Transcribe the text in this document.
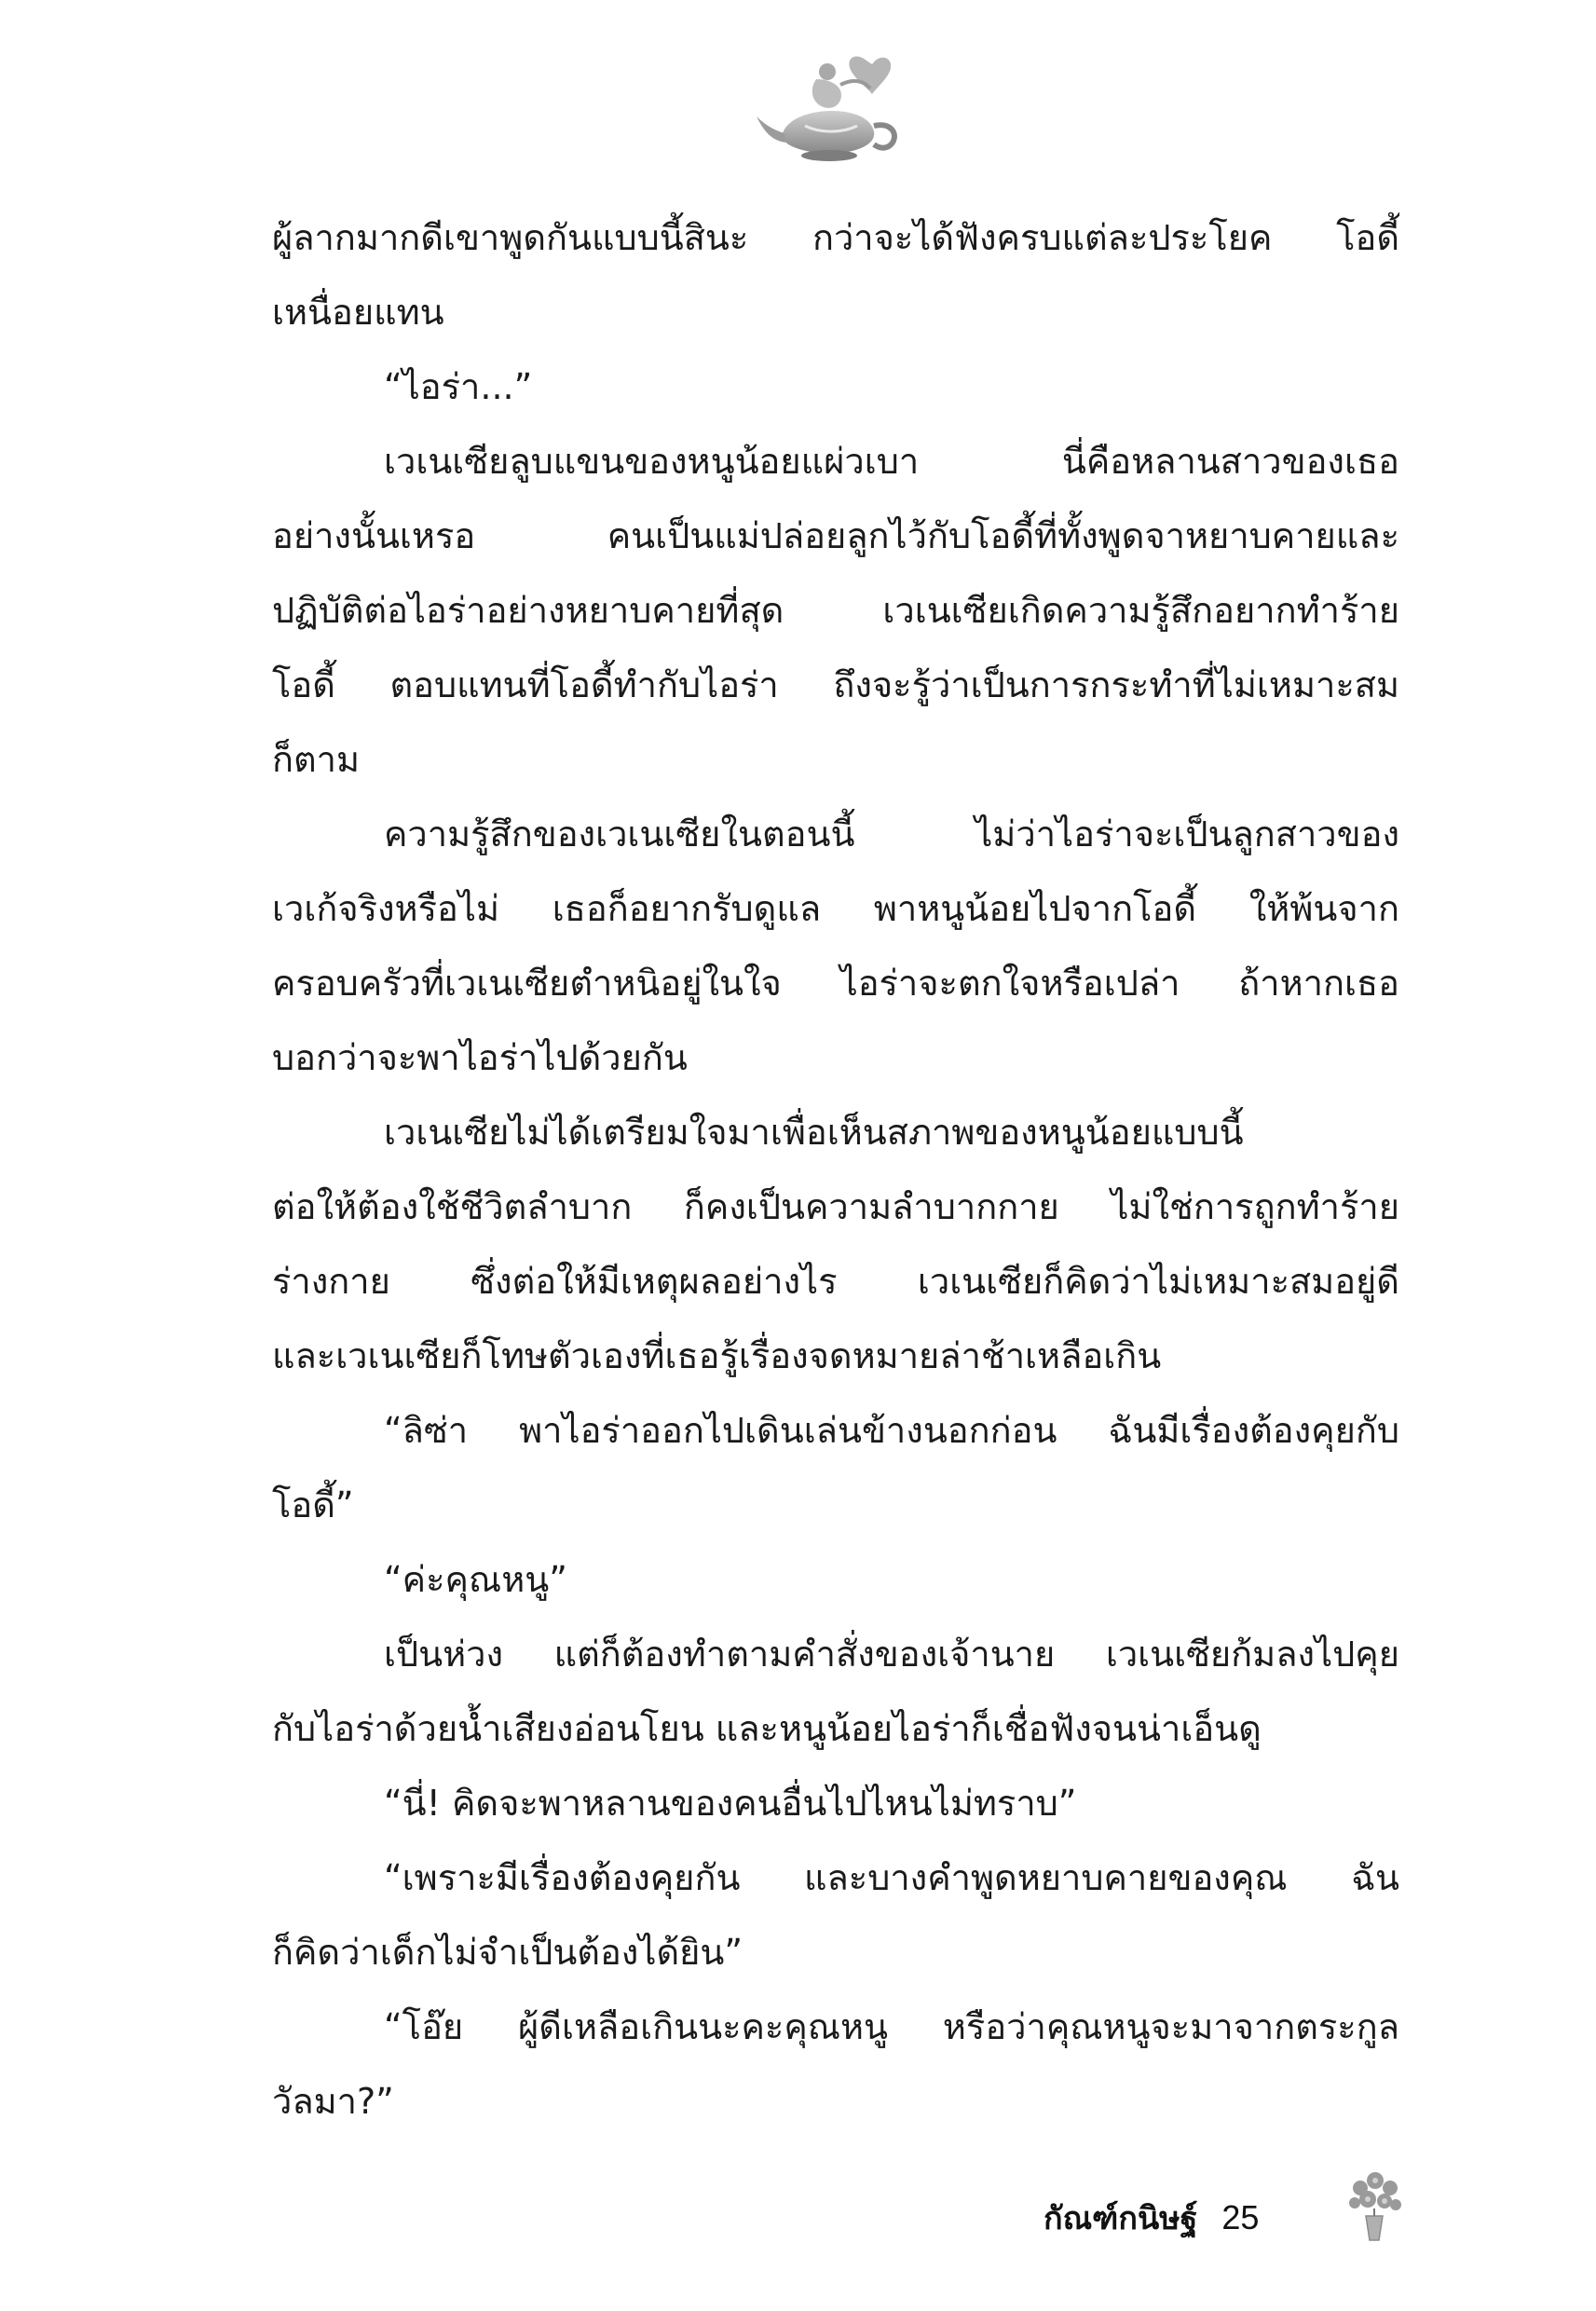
ผู้ลากมากดีเขาพูดกันแบบนี้สินะ กว่าจะได้ฟังครบแต่ละประโยค โอดี้
เหนื่อยแทน
“ไอร่า...”
เวเนเซียลูบแขนของหนูน้อยแผ่วเบา นี่คือหลานสาวของเธอ
อย่างนั้นเหรอ คนเป็นแม่ปล่อยลูกไว้กับโอดี้ที่ทั้งพูดจาหยาบคายและ
ปฏิบัติต่อไอร่าอย่างหยาบคายที่สุด เวเนเซียเกิดความรู้สึกอยากทำร้าย
โอดี้ ตอบแทนที่โอดี้ทำกับไอร่า ถึงจะรู้ว่าเป็นการกระทำที่ไม่เหมาะสม
ก็ตาม
ความรู้สึกของเวเนเซียในตอนนี้ ไม่ว่าไอร่าจะเป็นลูกสาวของ
เวเก้จริงหรือไม่ เธอก็อยากรับดูแล พาหนูน้อยไปจากโอดี้ ให้พ้นจาก
ครอบครัวที่เวเนเซียตำหนิอยู่ในใจ ไอร่าจะตกใจหรือเปล่า ถ้าหากเธอ
บอกว่าจะพาไอร่าไปด้วยกัน
เวเนเซียไม่ได้เตรียมใจมาเพื่อเห็นสภาพของหนูน้อยแบบนี้
ต่อให้ต้องใช้ชีวิตลำบาก ก็คงเป็นความลำบากกาย ไม่ใช่การถูกทำร้าย
ร่างกาย ซึ่งต่อให้มีเหตุผลอย่างไร เวเนเซียก็คิดว่าไม่เหมาะสมอยู่ดี
และเวเนเซียก็โทษตัวเองที่เธอรู้เรื่องจดหมายล่าช้าเหลือเกิน
“ลิซ่า พาไอร่าออกไปเดินเล่นข้างนอกก่อน ฉันมีเรื่องต้องคุยกับ
โอดี้”
“ค่ะคุณหนู”
เป็นห่วง แต่ก็ต้องทำตามคำสั่งของเจ้านาย เวเนเซียก้มลงไปคุย
กับไอร่าด้วยน้ำเสียงอ่อนโยน และหนูน้อยไอร่าก็เชื่อฟังจนน่าเอ็นดู
“นี่! คิดจะพาหลานของคนอื่นไปไหนไม่ทราบ”
“เพราะมีเรื่องต้องคุยกัน และบางคำพูดหยาบคายของคุณ ฉัน
ก็คิดว่าเด็กไม่จำเป็นต้องได้ยิน”
“โอ๊ย ผู้ดีเหลือเกินนะคะคุณหนู หรือว่าคุณหนูจะมาจากตระกูล
วัลมา?”
กัณฑ์กนิษฐ์ 25
